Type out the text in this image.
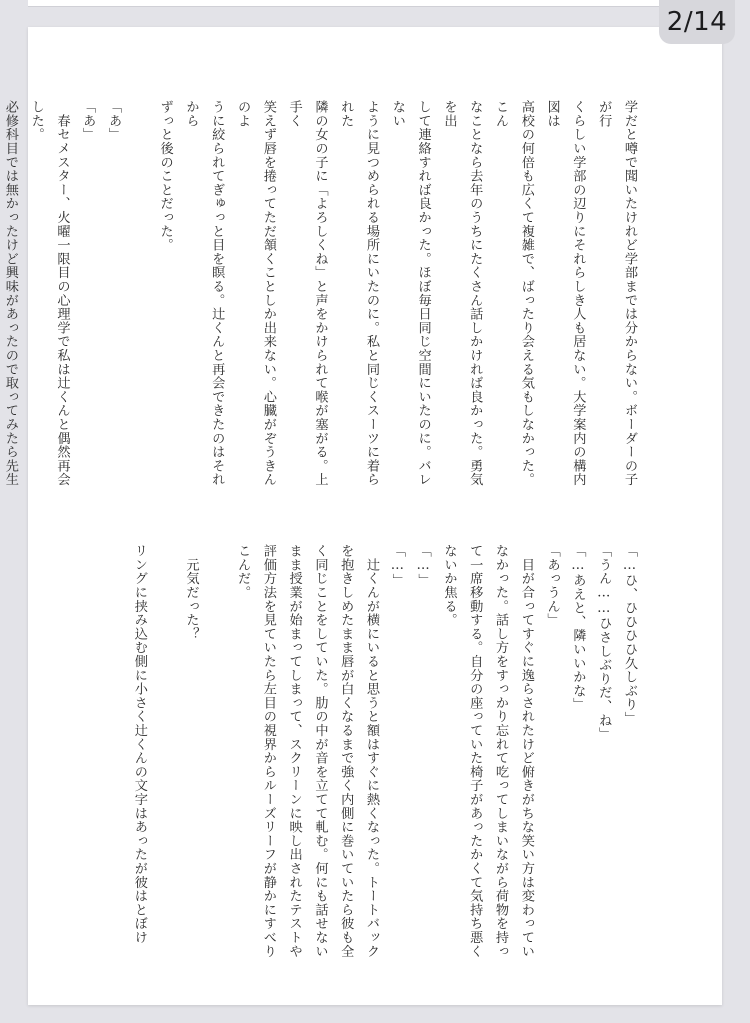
学だと噂で聞いたけれど学部までは分からない。ボーダーの子が行

くらしい学部の辺りにそれらしき人も居ない。大学案内の構内図は

高校の何倍も広くて複雑で、ばったり会える気もしなかった。こん

なことなら去年のうちにたくさん話しかければ良かった。勇気を出

して連絡すれば良かった。ほぼ毎日同じ空間にいたのに。バレない

ように見つめられる場所にいたのに。私と同じくスーツに着られた

隣の女の子に「よろしくね」と声をかけられて喉が塞がる。上手く

笑えず唇を捲ってただ頷くことしか出来ない。心臓がぞうきんのよ

うに絞られてぎゅっと目を瞑る。辻くんと再会できたのはそれから

ずっと後のことだった。

「あ」

「あ」

　春セメスター、火曜一限目の心理学で私は辻くんと偶然再会した。

必修科目では無かったけど興味があったので取ってみたら先生

「…ひ、ひひひひ久しぶり」

「うん……ひさしぶりだ、ね」

「…あえと、隣いいかな」

「あっうん」

　目が合ってすぐに逸らされたけど俯きがちな笑い方は変わってい

なかった。話し方をすっかり忘れて吃ってしまいながら荷物を持っ

て一席移動する。自分の座っていた椅子があったかくて気持ち悪く

ないか焦る。

「…」

「…」

　辻くんが横にいると思うと額はすぐに熱くなった。トートバック

を抱きしめたまま唇が白くなるまで強く内側に巻いていたら彼も全

く同じことをしていた。肋の中が音を立てて軋む。何にも話せない

まま授業が始まってしまって、スクリーンに映し出されたテストや

評価方法を見ていたら左目の視界からルーズリーフが静かにすべり

こんだ。

　元気だった？

リングに挟み込む側に小さく辻くんの文字はあったが彼はとぼけ

2/14
